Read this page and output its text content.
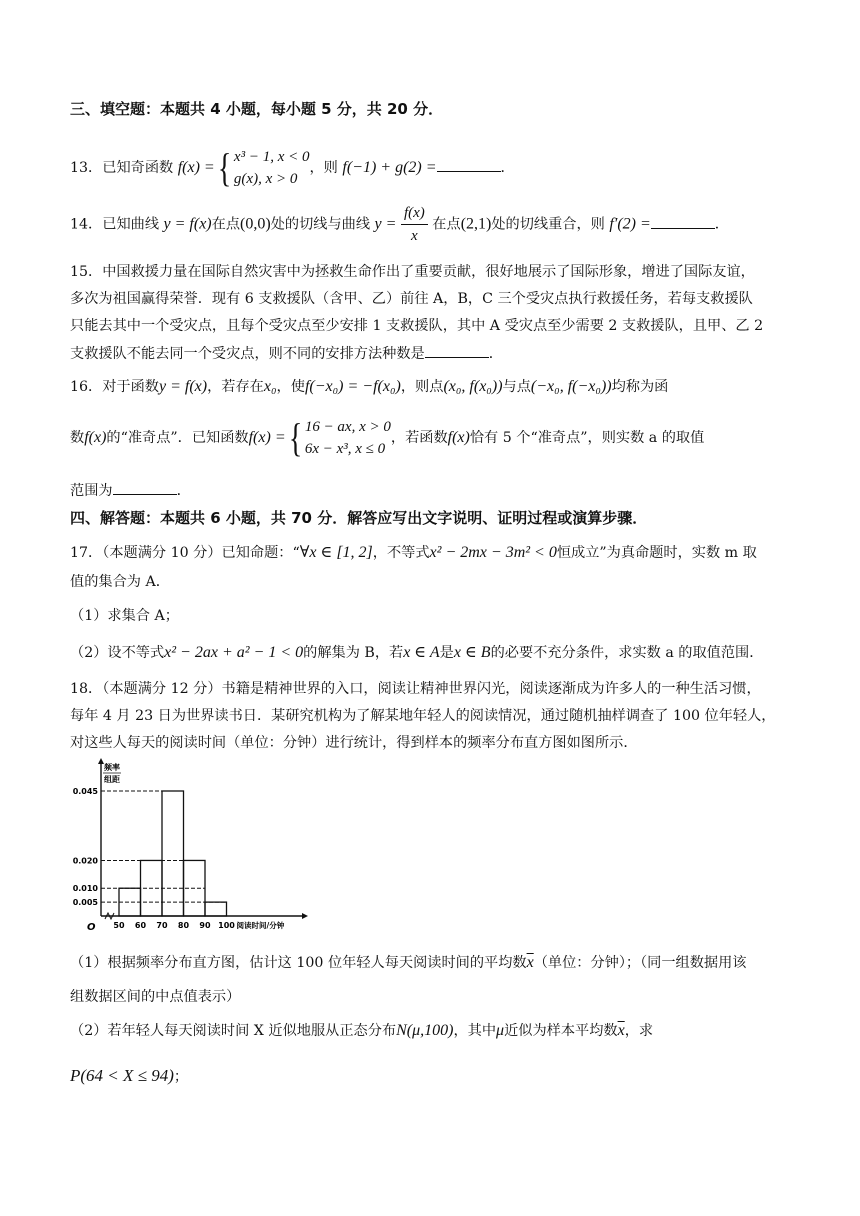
三、填空题：本题共 4 小题，每小题 5 分，共 20 分．
13．已知奇函数 f(x) ={ x³ − 1, x < 0
g(x), x > 0
，则 f(−1) + g(2) =	．
14．已知曲线 y = f(x)在点(0,0)处的切线与曲线 $y = \frac{f(x)}{x}$ 在点(2,1)处的切线重合，则 f′(2) =	．
15．中国救援力量在国际自然灾害中为拯救生命作出了重要贡献，很好地展示了国际形象，增进了国际友谊，
多次为祖国赢得荣誉．现有 6 支救援队（含甲、乙）前往 A，B，C 三个受灾点执行救援任务，若每支救援队
只能去其中一个受灾点，且每个受灾点至少安排 1 支救援队，其中 A 受灾点至少需要 2 支救援队，且甲、乙 2
支救援队不能去同一个受灾点，则不同的安排方法种数是	．
16．对于函数y = f(x)，若存在x₀，使f(−x₀) = −f(x₀)，则点(x₀, f(x₀))与点(−x₀, f(−x₀))均称为函
数f(x)的“准奇点”．已知函数f(x) ={ 16 − ax, x > 0
6x − x³, x ≤ 0
，若函数f(x)恰有 5 个“准奇点”，则实数 a 的取值
范围为	．
四、解答题：本题共 6 小题，共 70 分．解答应写出文字说明、证明过程或演算步骤．
17．（本题满分 10 分）已知命题：“∀x ∈ [1, 2]，不等式x² − 2mx − 3m² < 0恒成立”为真命题时，实数 m 取
值的集合为 A．
（1）求集合 A；
（2）设不等式x² − 2ax + a² − 1 < 0的解集为 B，若x ∈ A是x ∈ B的必要不充分条件，求实数 a 的取值范围．
18．（本题满分 12 分）书籍是精神世界的入口，阅读让精神世界闪光，阅读逐渐成为许多人的一种生活习惯，
每年 4 月 23 日为世界读书日．某研究机构为了解某地年轻人的阅读情况，通过随机抽样调查了 100 位年轻人，
对这些人每天的阅读时间（单位：分钟）进行统计，得到样本的频率分布直方图如图所示．
频率
组距
O
0.005
0.010
0.020
0.045
50 60 70 80 90 100 阅读时间/分钟
（1）根据频率分布直方图，估计这 100 位年轻人每天阅读时间的平均数$\overline{x}$（单位：分钟）；（同一组数据用该
组数据区间的中点值表示）
（2）若年轻人每天阅读时间 X 近似地服从正态分布N(μ,100)，其中μ近似为样本平均数$\overline{x}$，求
P(64 < X ≤ 94)；
